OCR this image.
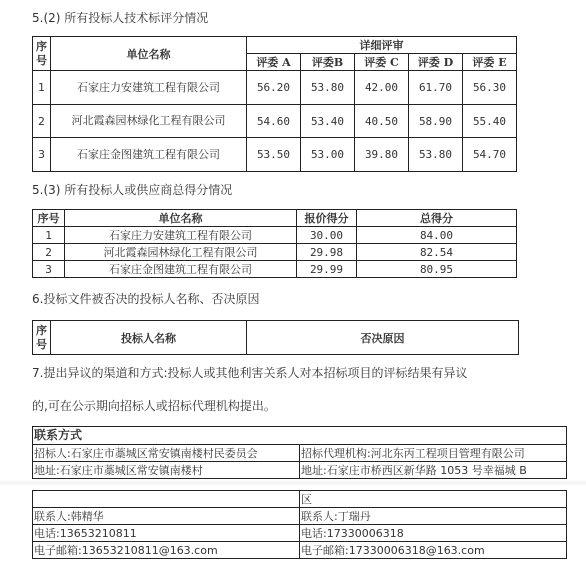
5.(2) 所有投标人技术标评分情况
序号	单位名称	详细评审				
		评委 A	评委B	评委 C	评委 D	评委 E
1	石家庄力安建筑工程有限公司	56.20	53.80	42.00	61.70	56.30
2	河北霞森园林绿化工程有限公司	54.60	53.40	40.50	58.90	55.40
3	石家庄金图建筑工程有限公司	53.50	53.00	39.80	53.80	54.70
5.(3) 所有投标人或供应商总得分情况
序号	单位名称	报价得分	总得分
1	石家庄力安建筑工程有限公司	30.00	84.00
2	河北霞森园林绿化工程有限公司	29.98	82.54
3	石家庄金图建筑工程有限公司	29.99	80.95
6.投标文件被否决的投标人名称、否决原因
序号	投标人名称	否决原因
7.提出异议的渠道和方式:投标人或其他利害关系人对本招标项目的评标结果有异议
的,可在公示期向招标人或招标代理机构提出。
联系方式	
招标人:石家庄市藁城区常安镇南楼村民委员会	招标代理机构:河北东丙工程项目管理有限公司
地址:石家庄市藁城区常安镇南楼村	地址:石家庄市桥西区新华路 1053 号幸福城 B
	区
联系人:韩精华	联系人:丁瑞丹
电话:13653210811	电话:17330006318
电子邮箱:13653210811@163.com	电子邮箱:17330006318@163.com
